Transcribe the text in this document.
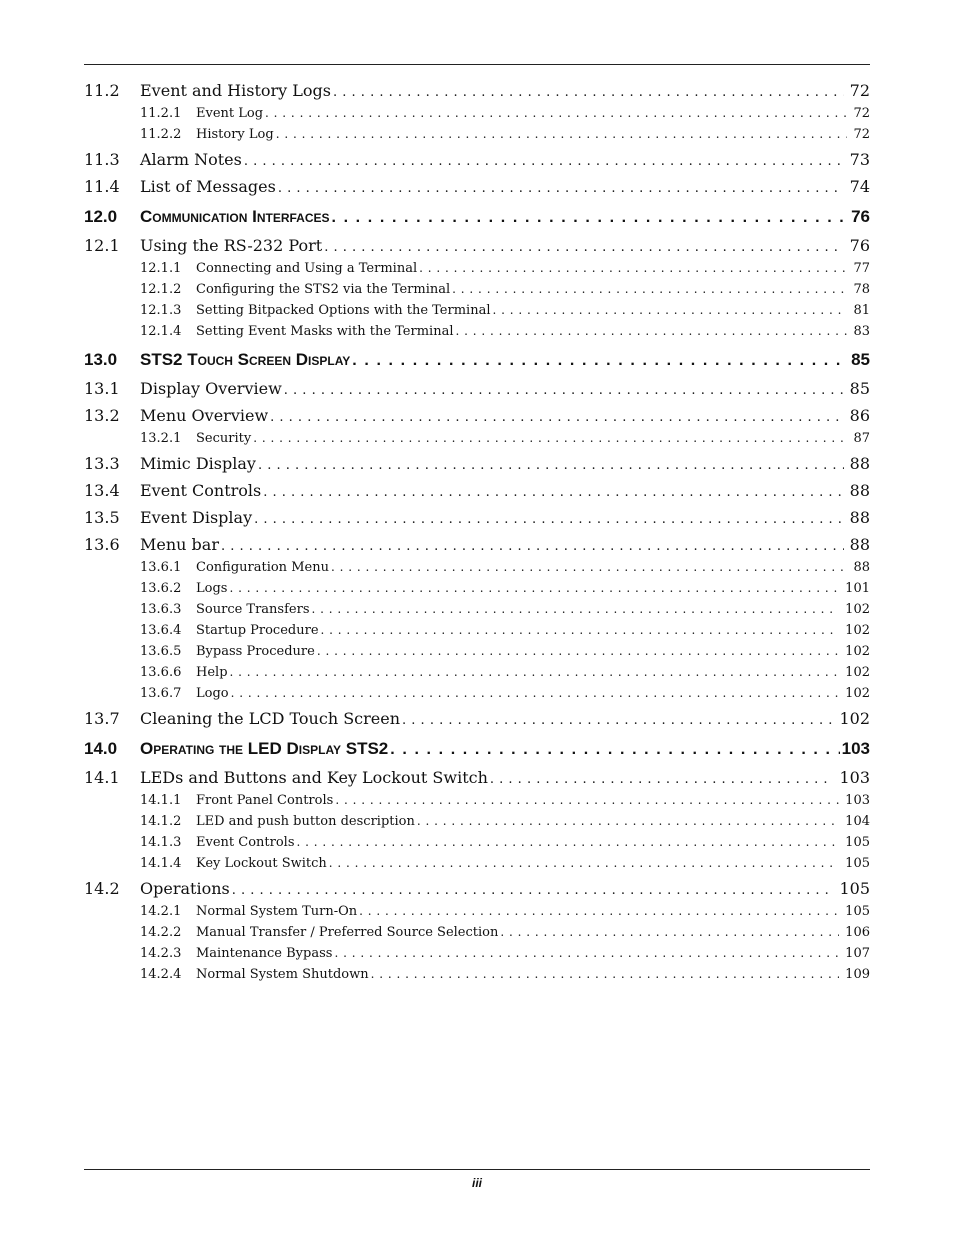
11.2	Event and History Logs . . .	72
11.2.1	Event Log . . .	72
11.2.2	History Log . . .	72
11.3	Alarm Notes . . .	73
11.4	List of Messages . . .	74
12.0	Communication Interfaces . . .	76
12.1	Using the RS-232 Port . . .	76
12.1.1	Connecting and Using a Terminal . . .	77
12.1.2	Configuring the STS2 via the Terminal . . .	78
12.1.3	Setting Bitpacked Options with the Terminal . . .	81
12.1.4	Setting Event Masks with the Terminal . . .	83
13.0	STS2 Touch Screen Display . . .	85
13.1	Display Overview . . .	85
13.2	Menu Overview . . .	86
13.2.1	Security . . .	87
13.3	Mimic Display . . .	88
13.4	Event Controls . . .	88
13.5	Event Display . . .	88
13.6	Menu bar . . .	88
13.6.1	Configuration Menu . . .	88
13.6.2	Logs . . .	101
13.6.3	Source Transfers . . .	102
13.6.4	Startup Procedure . . .	102
13.6.5	Bypass Procedure . . .	102
13.6.6	Help . . .	102
13.6.7	Logo . . .	102
13.7	Cleaning the LCD Touch Screen . . .	102
14.0	Operating the LED Display STS2 . . .	103
14.1	LEDs and Buttons and Key Lockout Switch . . .	103
14.1.1	Front Panel Controls . . .	103
14.1.2	LED and push button description . . .	104
14.1.3	Event Controls . . .	105
14.1.4	Key Lockout Switch . . .	105
14.2	Operations . . .	105
14.2.1	Normal System Turn-On . . .	105
14.2.2	Manual Transfer / Preferred Source Selection . . .	106
14.2.3	Maintenance Bypass . . .	107
14.2.4	Normal System Shutdown . . .	109
iii
